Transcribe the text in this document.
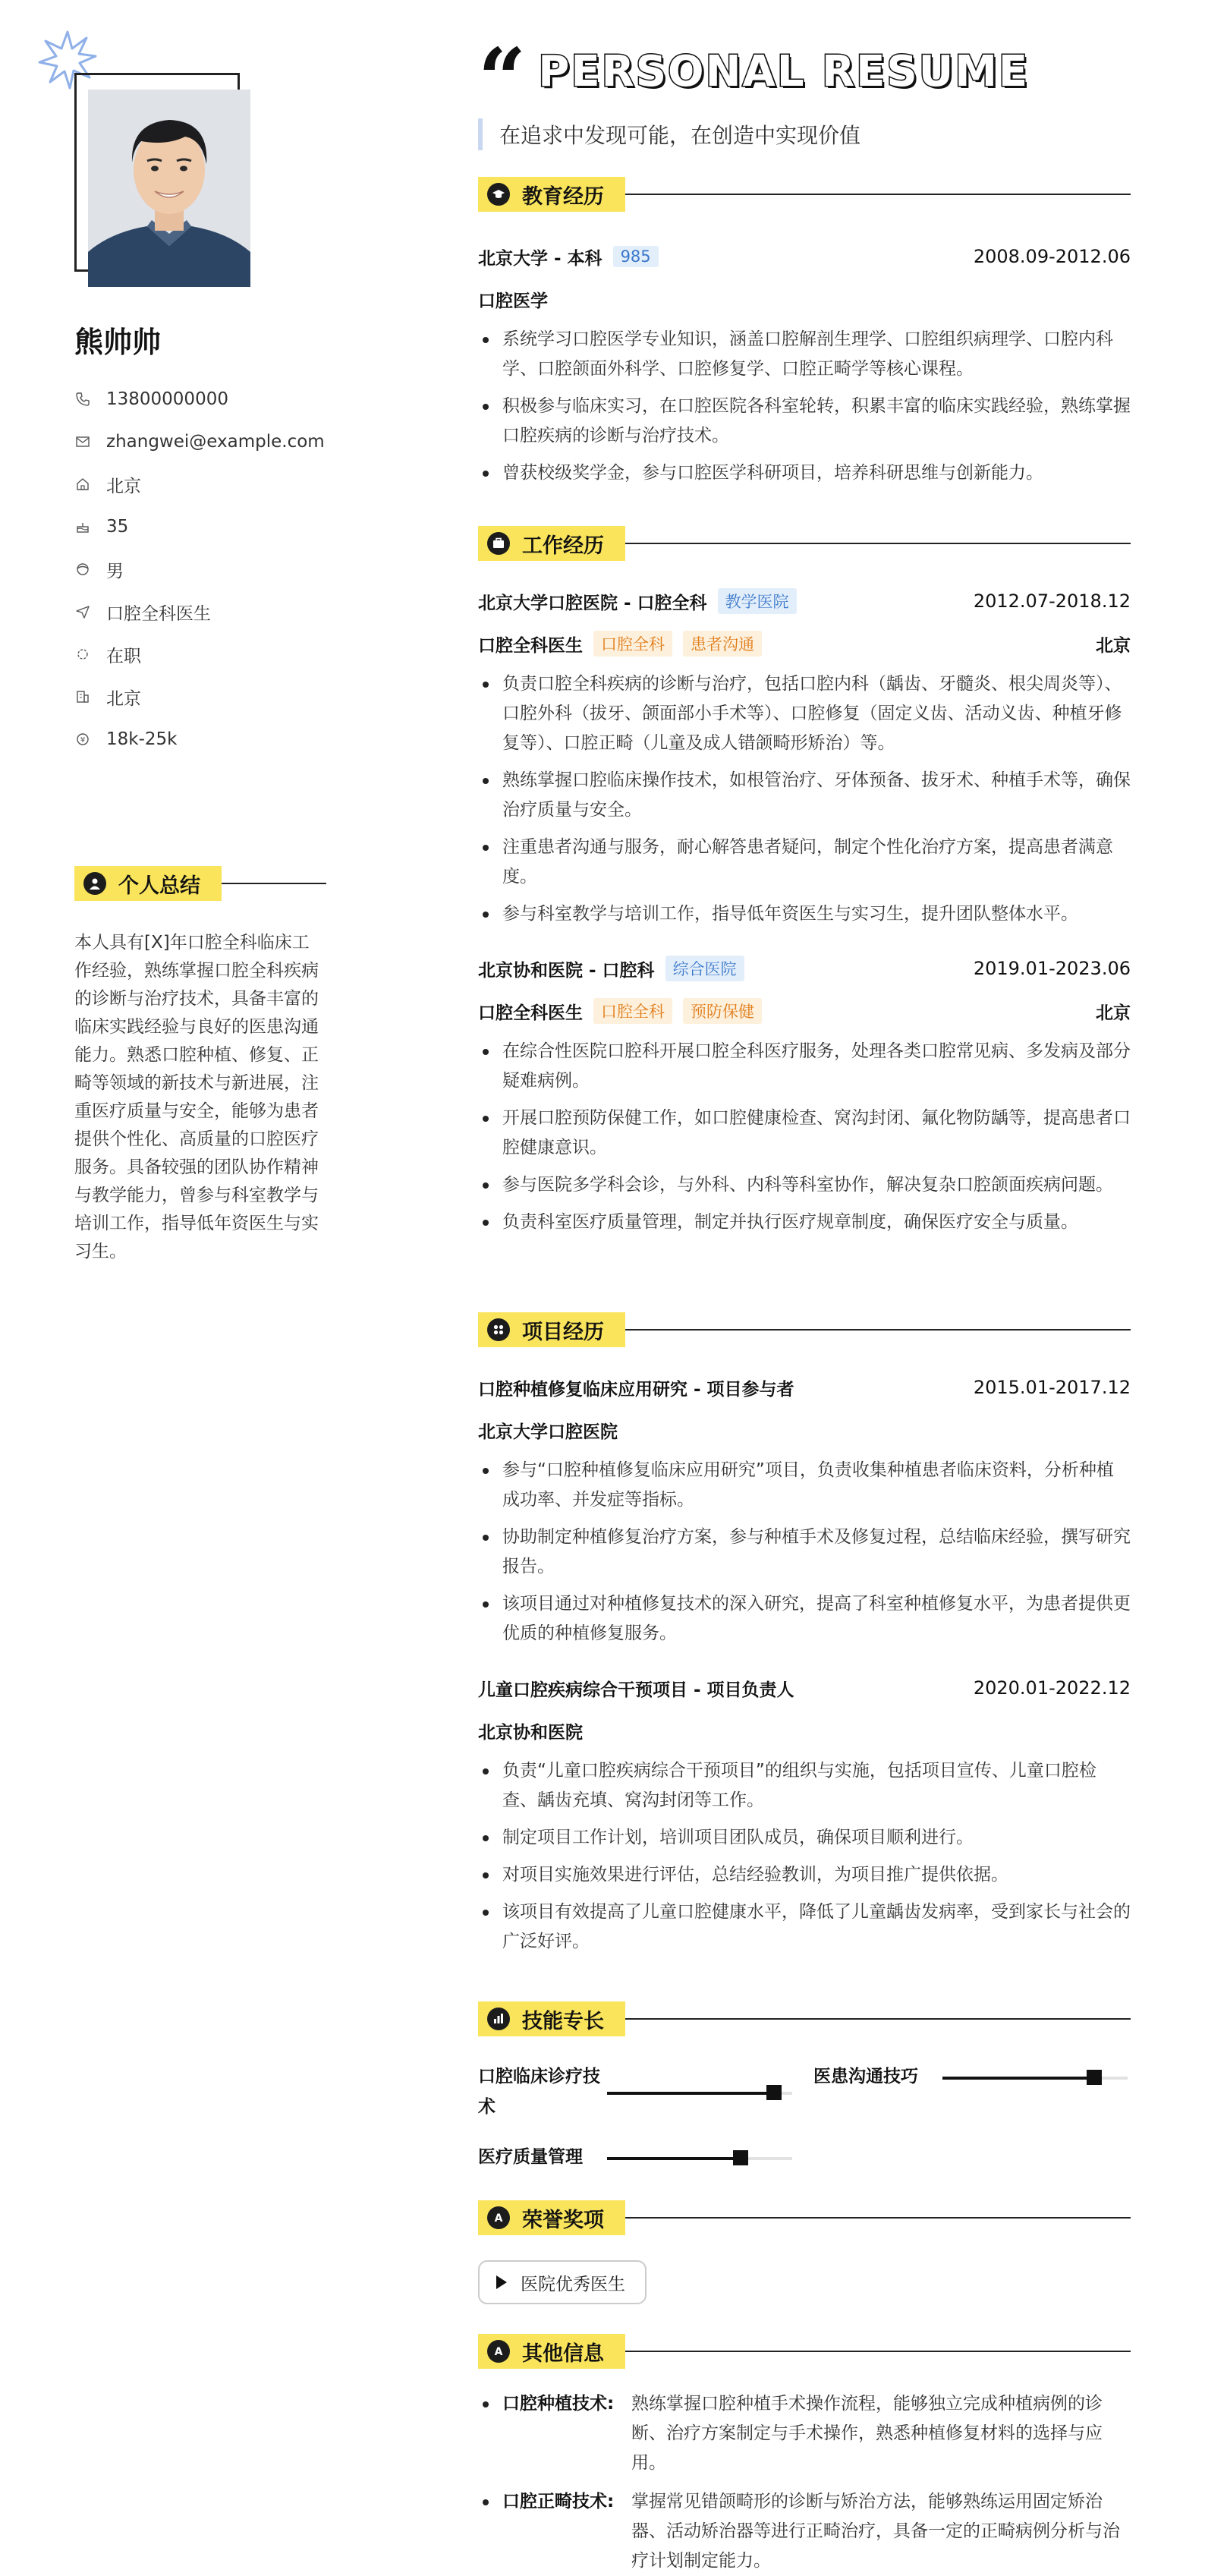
熊帅帅
13800000000
zhangwei@example.com
北京
35
男
口腔全科医生
在职
北京
¥ 18k-25k
个人总结
本人具有[X]年口腔全科临床工作经验，熟练掌握口腔全科疾病的诊断与治疗技术，具备丰富的临床实践经验与良好的医患沟通能力。熟悉口腔种植、修复、正畸等领域的新技术与新进展，注重医疗质量与安全，能够为患者提供个性化、高质量的口腔医疗服务。具备较强的团队协作精神与教学能力，曾参与科室教学与培训工作，指导低年资医生与实习生。
“ PERSONAL RESUME
在追求中发现可能，在创造中实现价值
教育经历
北京大学 - 本科	985	2008.09-2012.06
口腔医学
系统学习口腔医学专业知识，涵盖口腔解剖生理学、口腔组织病理学、口腔内科学、口腔颌面外科学、口腔修复学、口腔正畸学等核心课程。
积极参与临床实习，在口腔医院各科室轮转，积累丰富的临床实践经验，熟练掌握口腔疾病的诊断与治疗技术。
曾获校级奖学金，参与口腔医学科研项目，培养科研思维与创新能力。
工作经历
北京大学口腔医院 - 口腔全科	教学医院	2012.07-2018.12
口腔全科医生	口腔全科	患者沟通	北京
负责口腔全科疾病的诊断与治疗，包括口腔内科（龋齿、牙髓炎、根尖周炎等）、口腔外科（拔牙、颌面部小手术等）、口腔修复（固定义齿、活动义齿、种植牙修复等）、口腔正畸（儿童及成人错颌畸形矫治）等。
熟练掌握口腔临床操作技术，如根管治疗、牙体预备、拔牙术、种植手术等，确保治疗质量与安全。
注重患者沟通与服务，耐心解答患者疑问，制定个性化治疗方案，提高患者满意度。
参与科室教学与培训工作，指导低年资医生与实习生，提升团队整体水平。
北京协和医院 - 口腔科	综合医院	2019.01-2023.06
口腔全科医生	口腔全科	预防保健	北京
在综合性医院口腔科开展口腔全科医疗服务，处理各类口腔常见病、多发病及部分疑难病例。
开展口腔预防保健工作，如口腔健康检查、窝沟封闭、氟化物防龋等，提高患者口腔健康意识。
参与医院多学科会诊，与外科、内科等科室协作，解决复杂口腔颌面疾病问题。
负责科室医疗质量管理，制定并执行医疗规章制度，确保医疗安全与质量。
项目经历
口腔种植修复临床应用研究 - 项目参与者	2015.01-2017.12
北京大学口腔医院
参与“口腔种植修复临床应用研究”项目，负责收集种植患者临床资料，分析种植成功率、并发症等指标。
协助制定种植修复治疗方案，参与种植手术及修复过程，总结临床经验，撰写研究报告。
该项目通过对种植修复技术的深入研究，提高了科室种植修复水平，为患者提供更优质的种植修复服务。
儿童口腔疾病综合干预项目 - 项目负责人	2020.01-2022.12
北京协和医院
负责“儿童口腔疾病综合干预项目”的组织与实施，包括项目宣传、儿童口腔检查、龋齿充填、窝沟封闭等工作。
制定项目工作计划，培训项目团队成员，确保项目顺利进行。
对项目实施效果进行评估，总结经验教训，为项目推广提供依据。
该项目有效提高了儿童口腔健康水平，降低了儿童龋齿发病率，受到家长与社会的广泛好评。
技能专长
口腔临床诊疗技术
医患沟通技巧
医疗质量管理
A 荣誉奖项
医院优秀医生
A 其他信息
口腔种植技术: 熟练掌握口腔种植手术操作流程，能够独立完成种植病例的诊断、治疗方案制定与手术操作，熟悉种植修复材料的选择与应用。
口腔正畸技术: 掌握常见错颌畸形的诊断与矫治方法，能够熟练运用固定矫治器、活动矫治器等进行正畸治疗，具备一定的正畸病例分析与治疗计划制定能力。
